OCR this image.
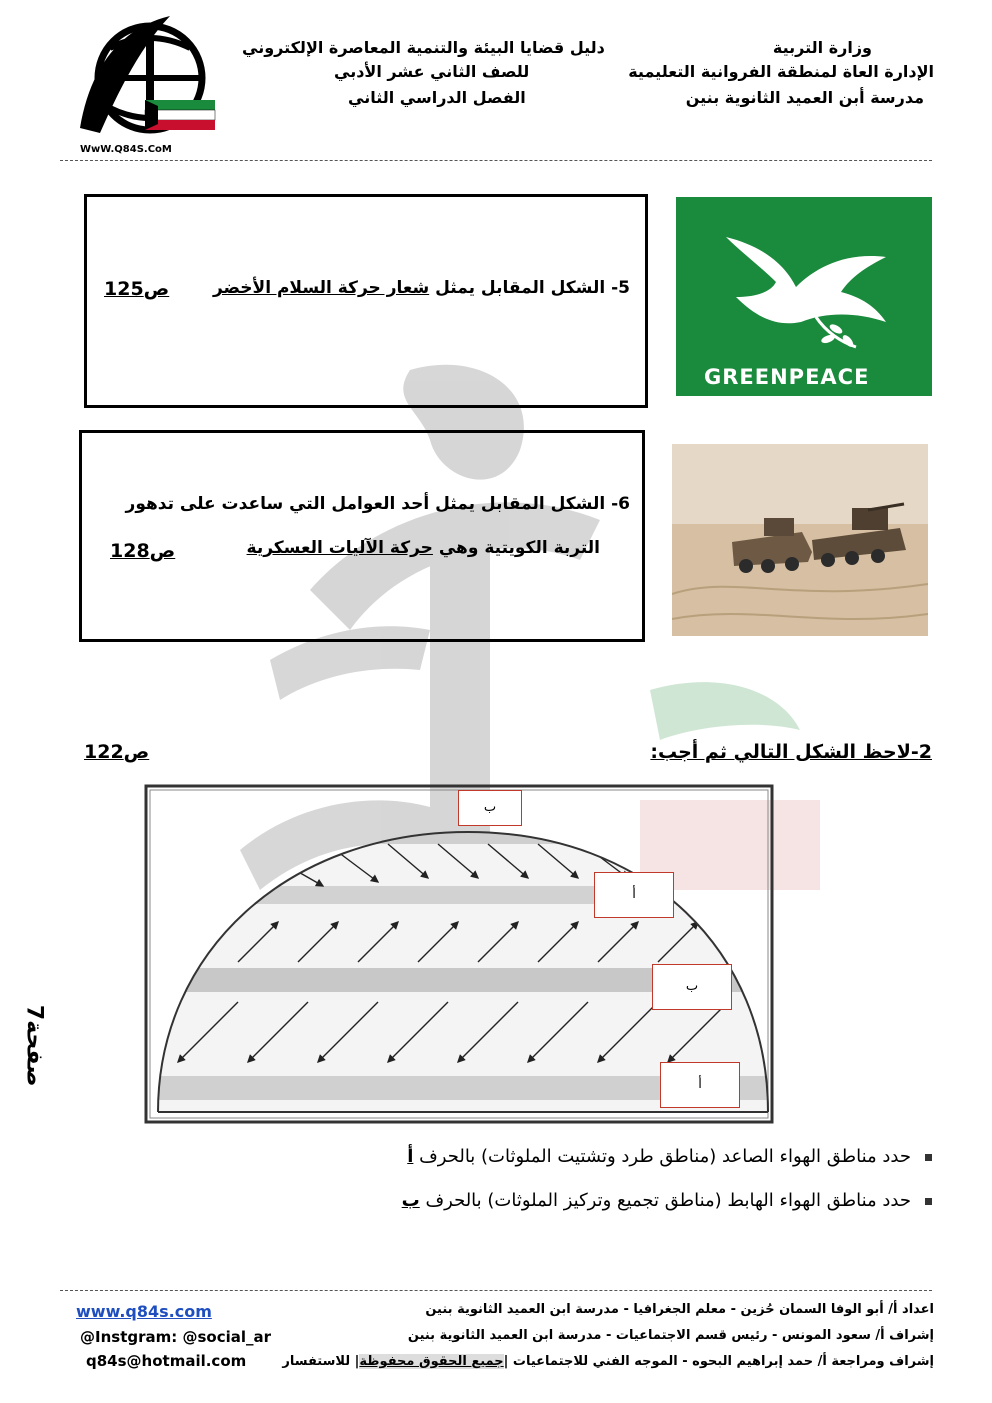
وزارة التربية
الإدارة العاة لمنطقة الفروانية التعليمية
مدرسة أبن العميد الثانوية بنين
دليل قضايا البيئة والتنمية المعاصرة الإلكتروني
للصف الثاني عشر الأدبي
الفصل الدراسي الثاني
WwW.Q84S.CoM
5- الشكل المقابل يمثل شعار حركة السلام الأخضر
ص125
GREENPEACE
6- الشكل المقابل يمثل أحد العوامل التي ساعدت على تدهور
التربة الكويتية وهي حركة الآليات العسكرية
ص128
2-لاحظ الشكل التالي ثم أجب:
ص122
ب
أ
ب
أ
حدد مناطق الهواء الصاعد (مناطق طرد وتشتيت الملوثات) بالحرف أ
حدد مناطق الهواء الهابط (مناطق تجميع وتركيز الملوثات) بالحرف ب
صفحة7
اعداد أ/ أبو الوفا السمان حُزين - معلم الجغرافيا - مدرسة ابن العميد الثانوية بنين
إشراف أ/ سعود المونس - رئيس قسم الاجتماعيات - مدرسة ابن العميد الثانوية بنين
إشراف ومراجعة أ/ حمد إبراهيم البحوه - الموجه الفني للاجتماعيات |جميع الحقوق محفوظة| للاستفسار
www.q84s.com
@Instgram: @social_ar
q84s@hotmail.com
